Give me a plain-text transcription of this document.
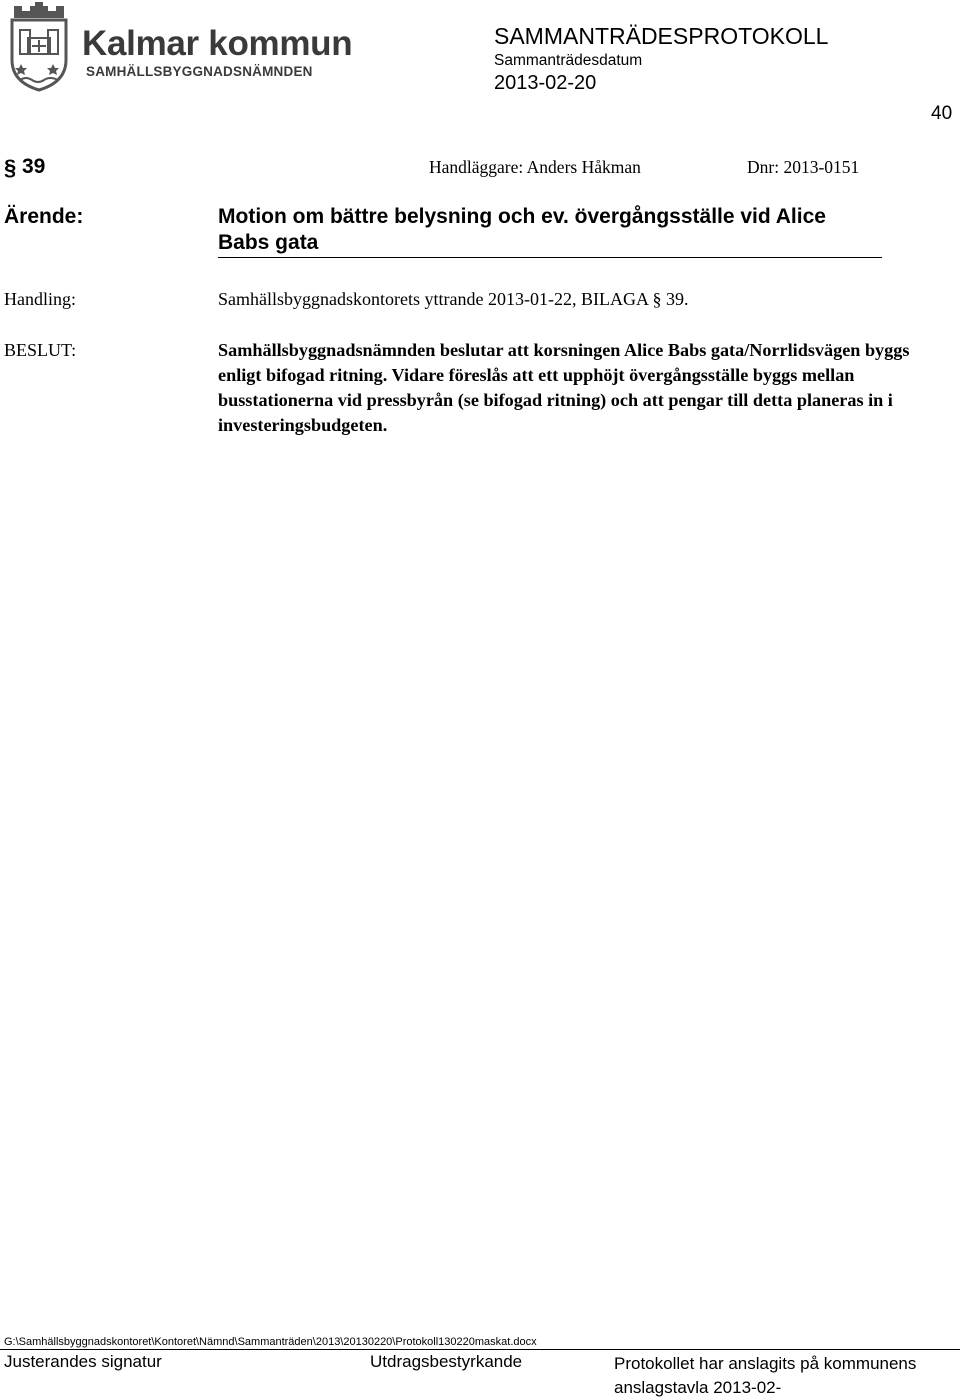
Kalmar kommun
SAMHÄLLSBYGGNADSNÄMNDEN
SAMMANTRÄDESPROTOKOLL
Sammanträdesdatum
2013-02-20
40
§ 39	Handläggare: Anders Håkman	Dnr: 2013-0151
Ärende:	Motion om bättre belysning och ev. övergångsställe vid Alice Babs gata
Handling:	Samhällsbyggnadskontorets yttrande 2013-01-22, BILAGA § 39.
BESLUT:	Samhällsbyggnadsnämnden beslutar att korsningen Alice Babs gata/Norrlidsvägen byggs enligt bifogad ritning. Vidare föreslås att ett upphöjt övergångsställe byggs mellan busstationerna vid pressbyrån (se bifogad ritning) och att pengar till detta planeras in i investeringsbudgeten.
G:\Samhällsbyggnadskontoret\Kontoret\Nämnd\Sammanträden\2013\20130220\Protokoll130220maskat.docx
Justerandes signatur	Utdragsbestyrkande	Protokollet har anslagits på kommunens anslagstavla 2013-02-
